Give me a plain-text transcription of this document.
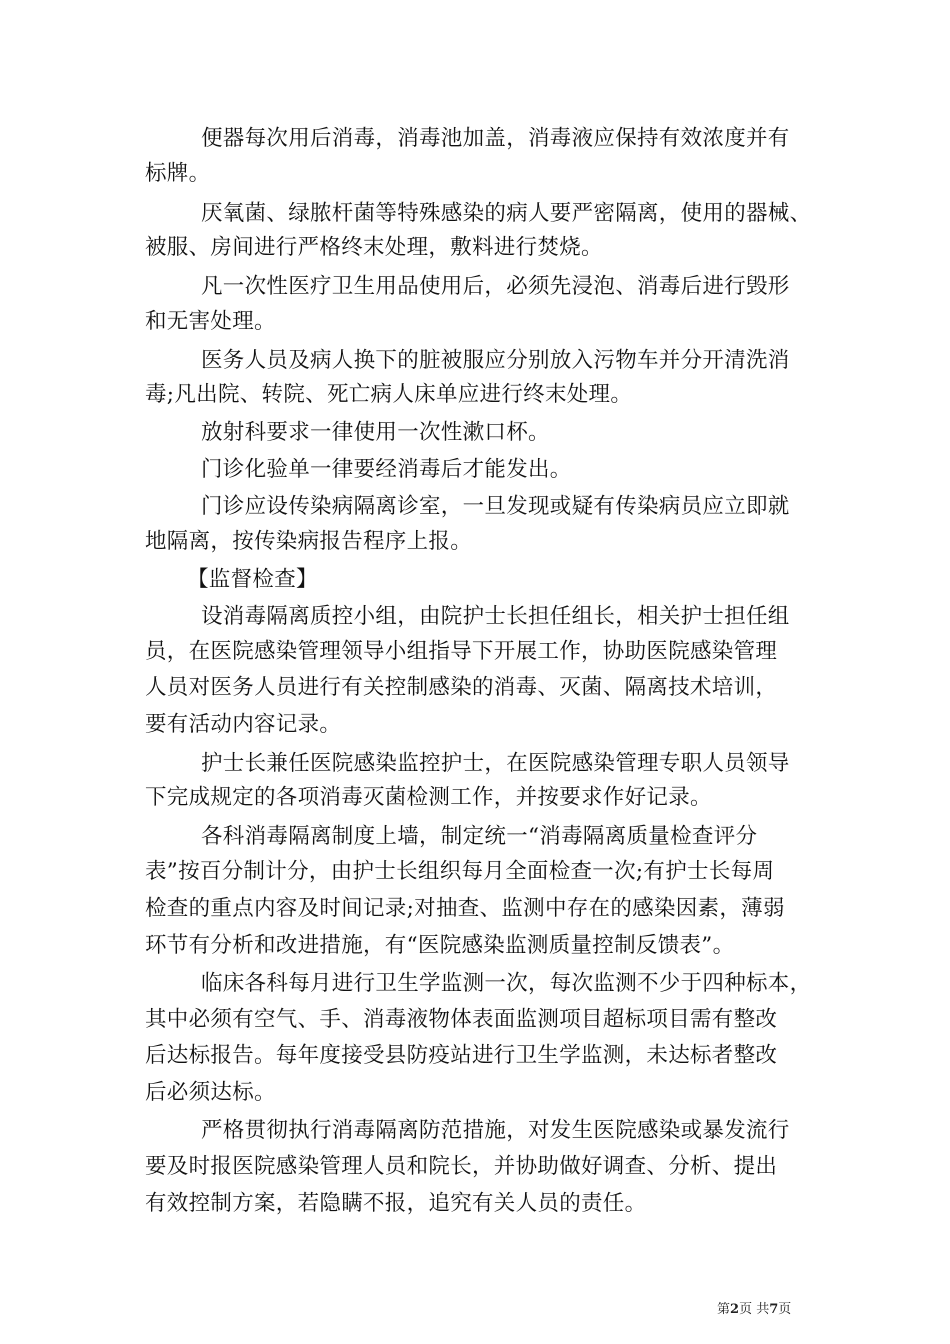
便器每次用后消毒，消毒池加盖，消毒液应保持有效浓度并有
标牌。
厌氧菌、绿脓杆菌等特殊感染的病人要严密隔离，使用的器械、
被服、房间进行严格终末处理，敷料进行焚烧。
凡一次性医疗卫生用品使用后，必须先浸泡、消毒后进行毁形
和无害处理。
医务人员及病人换下的脏被服应分别放入污物车并分开清洗消
毒;凡出院、转院、死亡病人床单应进行终末处理。
放射科要求一律使用一次性漱口杯。
门诊化验单一律要经消毒后才能发出。
门诊应设传染病隔离诊室，一旦发现或疑有传染病员应立即就
地隔离，按传染病报告程序上报。
【监督检查】
设消毒隔离质控小组，由院护士长担任组长，相关护士担任组
员，在医院感染管理领导小组指导下开展工作，协助医院感染管理
人员对医务人员进行有关控制感染的消毒、灭菌、隔离技术培训，
要有活动内容记录。
护士长兼任医院感染监控护士，在医院感染管理专职人员领导
下完成规定的各项消毒灭菌检测工作，并按要求作好记录。
各科消毒隔离制度上墙，制定统一“消毒隔离质量检查评分
表”按百分制计分，由护士长组织每月全面检查一次;有护士长每周
检查的重点内容及时间记录;对抽查、监测中存在的感染因素，薄弱
环节有分析和改进措施，有“医院感染监测质量控制反馈表”。
临床各科每月进行卫生学监测一次，每次监测不少于四种标本，
其中必须有空气、手、消毒液物体表面监测项目超标项目需有整改
后达标报告。每年度接受县防疫站进行卫生学监测，未达标者整改
后必须达标。
严格贯彻执行消毒隔离防范措施，对发生医院感染或暴发流行
要及时报医院感染管理人员和院长，并协助做好调查、分析、提出
有效控制方案，若隐瞒不报，追究有关人员的责任。
第2页 共7页
